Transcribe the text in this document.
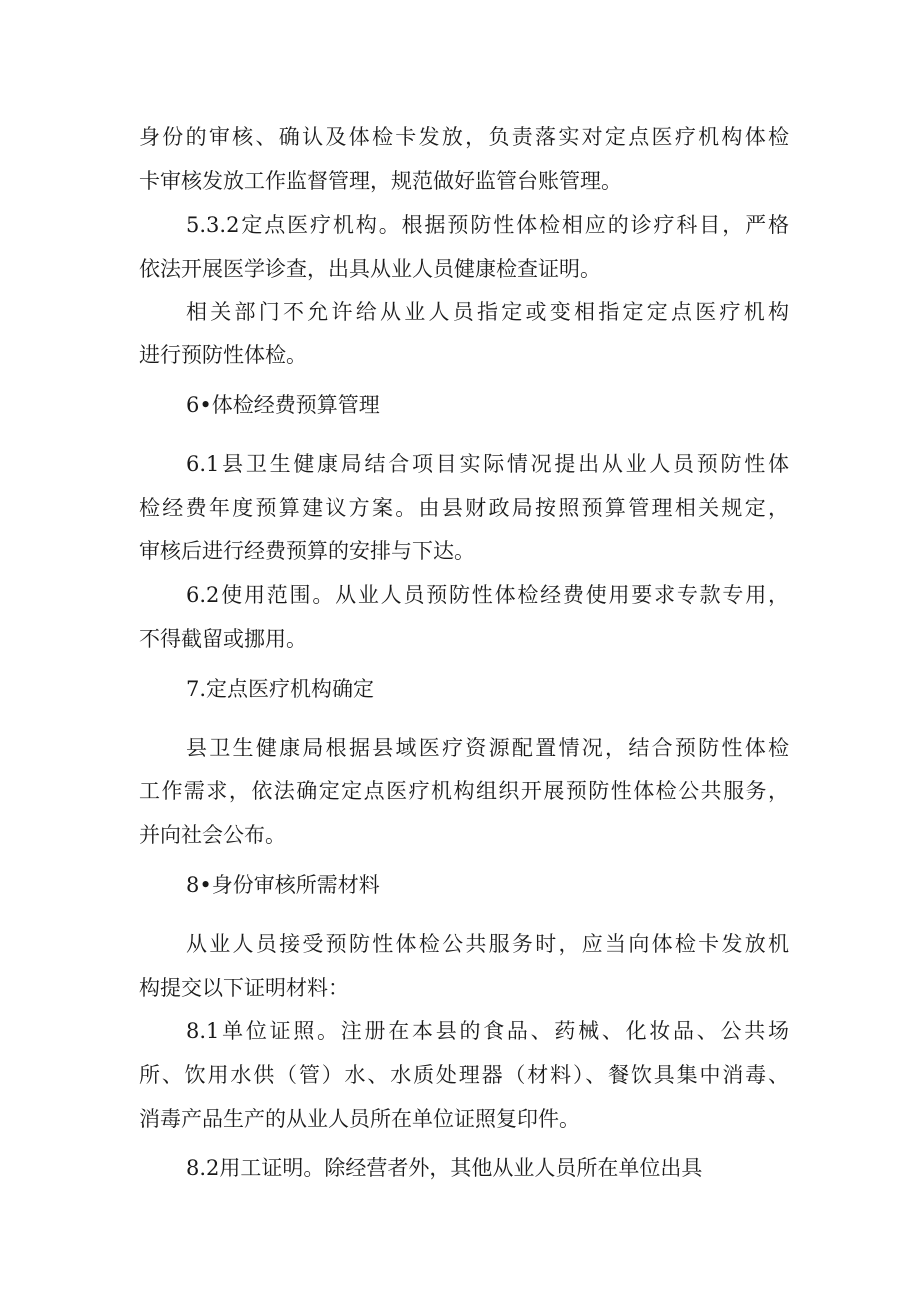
身份的审核、确认及体检卡发放，负责落实对定点医疗机构体检
卡审核发放工作监督管理，规范做好监管台账管理。
5.3.2定点医疗机构。根据预防性体检相应的诊疗科目，严格
依法开展医学诊查，出具从业人员健康检查证明。
相关部门不允许给从业人员指定或变相指定定点医疗机构
进行预防性体检。
6•体检经费预算管理
6.1县卫生健康局结合项目实际情况提出从业人员预防性体
检经费年度预算建议方案。由县财政局按照预算管理相关规定，
审核后进行经费预算的安排与下达。
6.2使用范围。从业人员预防性体检经费使用要求专款专用，
不得截留或挪用。
7.定点医疗机构确定
县卫生健康局根据县域医疗资源配置情况，结合预防性体检
工作需求，依法确定定点医疗机构组织开展预防性体检公共服务，
并向社会公布。
8•身份审核所需材料
从业人员接受预防性体检公共服务时，应当向体检卡发放机
构提交以下证明材料：
8.1单位证照。注册在本县的食品、药械、化妆品、公共场
所、饮用水供（管）水、水质处理器（材料）、餐饮具集中消毒、
消毒产品生产的从业人员所在单位证照复印件。
8.2用工证明。除经营者外，其他从业人员所在单位出具
